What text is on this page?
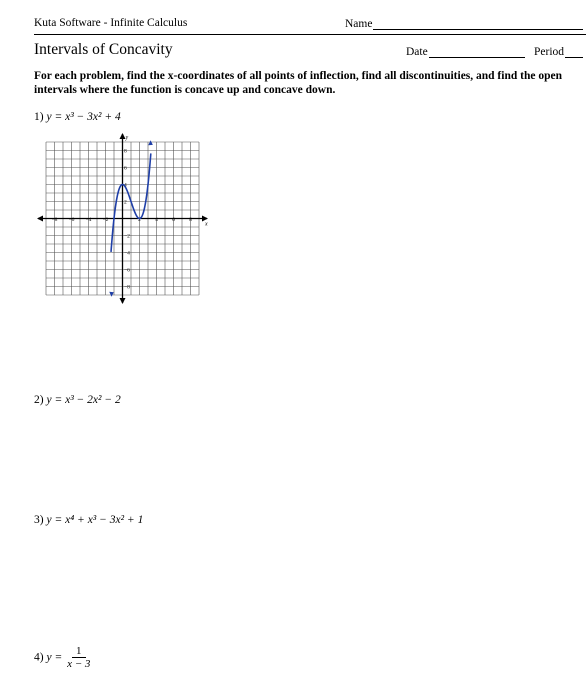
Kuta Software - Infinite Calculus	Name
Intervals of Concavity	Date	Period
For each problem, find the x-coordinates of all points of inflection, find all discontinuities, and find the open intervals where the function is concave up and concave down.
1) y = x³ − 3x² + 4
x
y
−8 −6 −4 −2	2	4	6	8
8
6
4
2
−2
−4
−6
−8
2) y = x³ − 2x² − 2
3) y = x⁴ + x³ − 3x² + 1
4) $y = \frac{1}{x - 3}$
